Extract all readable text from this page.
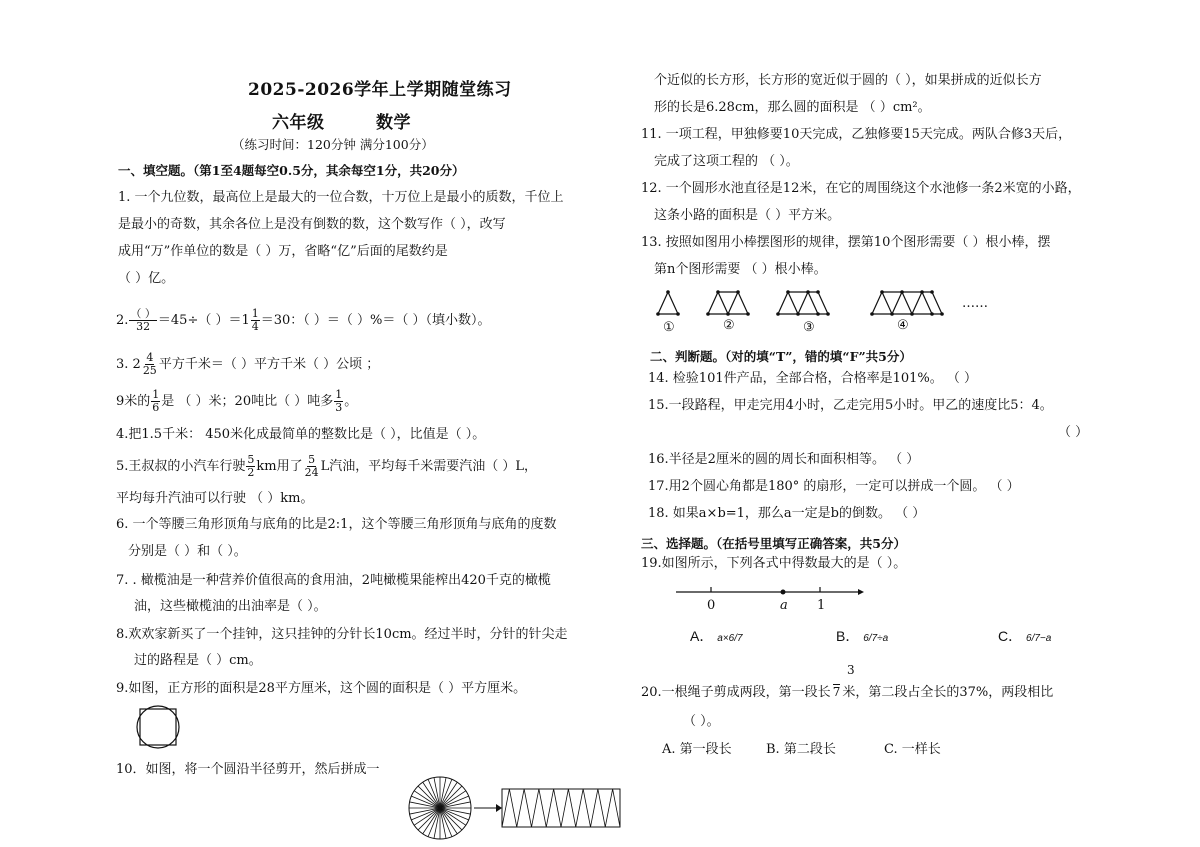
2025-2026学年上学期随堂练习
六年级	数学
（练习时间：120分钟 满分100分）
一、填空题。（第1至4题每空0.5分，其余每空1分，共20分）
1. 一个九位数，最高位上是最大的一位合数，十万位上是最小的质数，千位上
是最小的奇数，其余各位上是没有倒数的数，这个数写作（ ），改写
成用“万”作单位的数是（ ）万，省略“亿”后面的尾数约是
（ ）亿。
2. $\frac{( )}{32} =45\div$（ ）$=1 \frac{1}{4} =30$：（ ）＝（ ）%＝（ ）（填小数）。
3. $2 \frac{4}{25}$ 平方千米＝（ ）平方千米（ ）公顷 ；
9米的 $\frac{1}{6}$ 是 （ ）米；20吨比（ ）吨多 $\frac{1}{3}$ 。
4.把1.5千米： 450米化成最简单的整数比是（ ），比值是（ ）。
5.王叔叔的小汽车行驶 $\frac{5}{2}$ km用了 $\frac{5}{24}$ L汽油，平均每千米需要汽油（ ）L，
平均每升汽油可以行驶 （ ）km。
6. 一个等腰三角形顶角与底角的比是2:1，这个等腰三角形顶角与底角的度数
分别是（ ）和（ ）。
7. . 橄榄油是一种营养价值很高的食用油，2吨橄榄果能榨出420千克的橄榄
油，这些橄榄油的出油率是（ ）。
8.欢欢家新买了一个挂钟，这只挂钟的分针长10cm。经过半时，分针的针尖走
过的路程是（ ）cm。
9.如图，正方形的面积是28平方厘米，这个圆的面积是（ ）平方厘米。
10．如图，将一个圆沿半径剪开，然后拼成一
个近似的长方形，长方形的宽近似于圆的（ ），如果拼成的近似长方
形的长是6.28cm，那么圆的面积是 （ ）cm²。
11. 一项工程，甲独修要10天完成，乙独修要15天完成。两队合修3天后，
完成了这项工程的 （ ）。
12. 一个圆形水池直径是12米，在它的周围绕这个水池修一条2米宽的小路，
这条小路的面积是（ ）平方米。
13. 按照如图用小棒摆图形的规律，摆第10个图形需要（ ）根小棒，摆
第n个图形需要 （ ）根小棒。
①	②	③	④
……
二、判断题。（对的填“T”，错的填“F”共5分）
14. 检验101件产品，全部合格，合格率是101%。 （ ）
15.一段路程，甲走完用4小时，乙走完用5小时。甲乙的速度比5：4。
（ ）
16.半径是2厘米的圆的周长和面积相等。 （ ）
17.用2个圆心角都是180° 的扇形，一定可以拼成一个圆。 （ ）
18. 如果a×b=1，那么a一定是b的倒数。 （ ）
三、选择题。（在括号里填写正确答案，共5分）
19.如图所示，下列各式中得数最大的是（ ）。
0	a 1
A． a×6/7	B． 6/7÷a	C． 6/7−a
3
20.一根绳子剪成两段，第一段长 7 米，第二段占全长的37%，两段相比
（ ）。
A. 第一段长	B. 第二段长	C. 一样长
